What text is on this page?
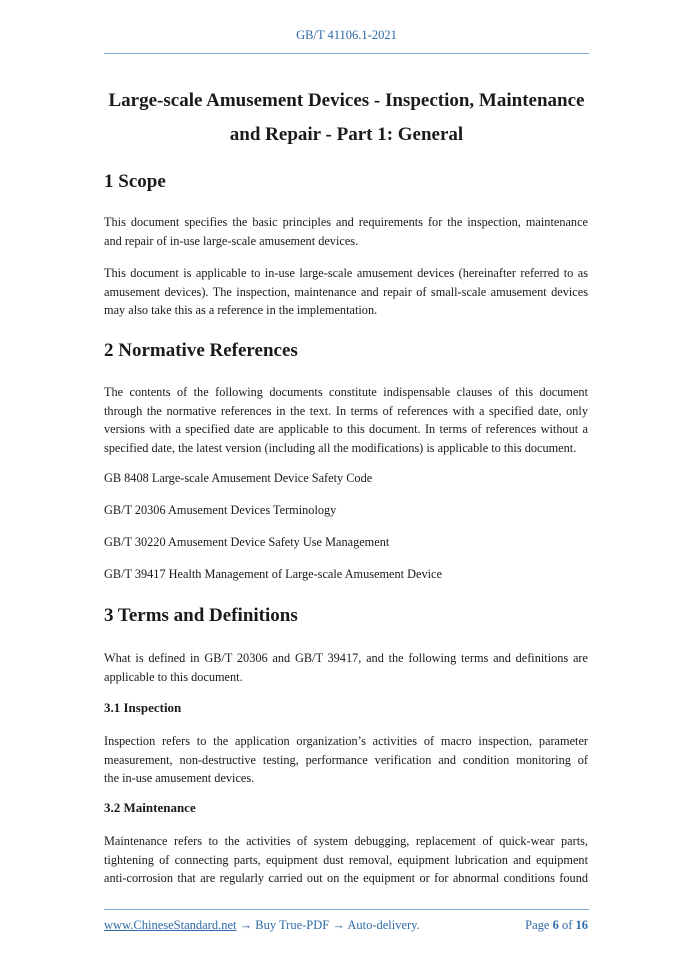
GB/T 41106.1-2021
Large-scale Amusement Devices - Inspection, Maintenance
and Repair - Part 1: General
1 Scope
This document specifies the basic principles and requirements for the inspection, maintenance
and repair of in-use large-scale amusement devices.
This document is applicable to in-use large-scale amusement devices (hereinafter referred to as
amusement devices). The inspection, maintenance and repair of small-scale amusement devices
may also take this as a reference in the implementation.
2 Normative References
The contents of the following documents constitute indispensable clauses of this document
through the normative references in the text. In terms of references with a specified date, only
versions with a specified date are applicable to this document. In terms of references without a
specified date, the latest version (including all the modifications) is applicable to this document.
GB 8408 Large-scale Amusement Device Safety Code
GB/T 20306 Amusement Devices Terminology
GB/T 30220 Amusement Device Safety Use Management
GB/T 39417 Health Management of Large-scale Amusement Device
3 Terms and Definitions
What is defined in GB/T 20306 and GB/T 39417, and the following terms and definitions are
applicable to this document.
3.1 Inspection
Inspection refers to the application organization’s activities of macro inspection, parameter
measurement, non-destructive testing, performance verification and condition monitoring of
the in-use amusement devices.
3.2 Maintenance
Maintenance refers to the activities of system debugging, replacement of quick-wear parts,
tightening of connecting parts, equipment dust removal, equipment lubrication and equipment
anti-corrosion that are regularly carried out on the equipment or for abnormal conditions found
www.ChineseStandard.net → Buy True-PDF → Auto-delivery.	Page 6 of 16
